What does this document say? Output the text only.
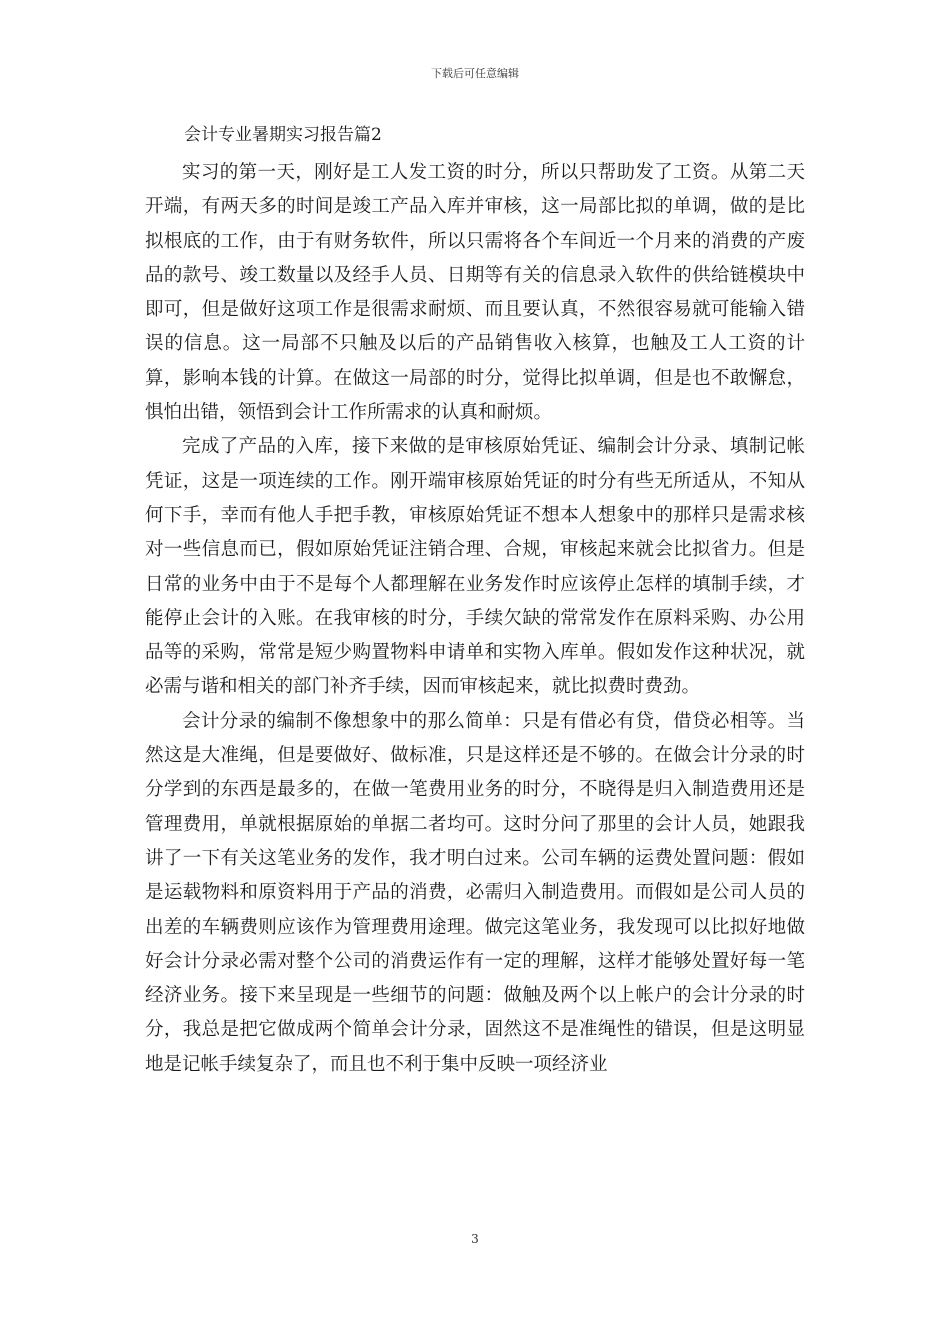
下载后可任意编辑
会计专业暑期实习报告篇2

实习的第一天，刚好是工人发工资的时分，所以只帮助发了工资。从第二天开端，有两天多的时间是竣工产品入库并审核，这一局部比拟的单调，做的是比拟根底的工作，由于有财务软件，所以只需将各个车间近一个月来的消费的产废品的款号、竣工数量以及经手人员、日期等有关的信息录入软件的供给链模块中即可，但是做好这项工作是很需求耐烦、而且要认真，不然很容易就可能输入错误的信息。这一局部不只触及以后的产品销售收入核算，也触及工人工资的计算，影响本钱的计算。在做这一局部的时分，觉得比拟单调，但是也不敢懈怠，惧怕出错，领悟到会计工作所需求的认真和耐烦。

完成了产品的入库，接下来做的是审核原始凭证、编制会计分录、填制记帐凭证，这是一项连续的工作。刚开端审核原始凭证的时分有些无所适从，不知从何下手，幸而有他人手把手教，审核原始凭证不想本人想象中的那样只是需求核对一些信息而已，假如原始凭证注销合理、合规，审核起来就会比拟省力。但是日常的业务中由于不是每个人都理解在业务发作时应该停止怎样的填制手续，才能停止会计的入账。在我审核的时分，手续欠缺的常常发作在原料采购、办公用品等的采购，常常是短少购置物料申请单和实物入库单。假如发作这种状况，就必需与谐和相关的部门补齐手续，因而审核起来，就比拟费时费劲。

会计分录的编制不像想象中的那么简单：只是有借必有贷，借贷必相等。当然这是大准绳，但是要做好、做标准，只是这样还是不够的。在做会计分录的时分学到的东西是最多的，在做一笔费用业务的时分，不晓得是归入制造费用还是管理费用，单就根据原始的单据二者均可。这时分问了那里的会计人员，她跟我讲了一下有关这笔业务的发作，我才明白过来。公司车辆的运费处置问题：假如是运载物料和原资料用于产品的消费，必需归入制造费用。而假如是公司人员的出差的车辆费则应该作为管理费用途理。做完这笔业务，我发现可以比拟好地做好会计分录必需对整个公司的消费运作有一定的理解，这样才能够处置好每一笔经济业务。接下来呈现是一些细节的问题：做触及两个以上帐户的会计分录的时分，我总是把它做成两个简单会计分录，固然这不是准绳性的错误，但是这明显地是记帐手续复杂了，而且也不利于集中反映一项经济业

3
